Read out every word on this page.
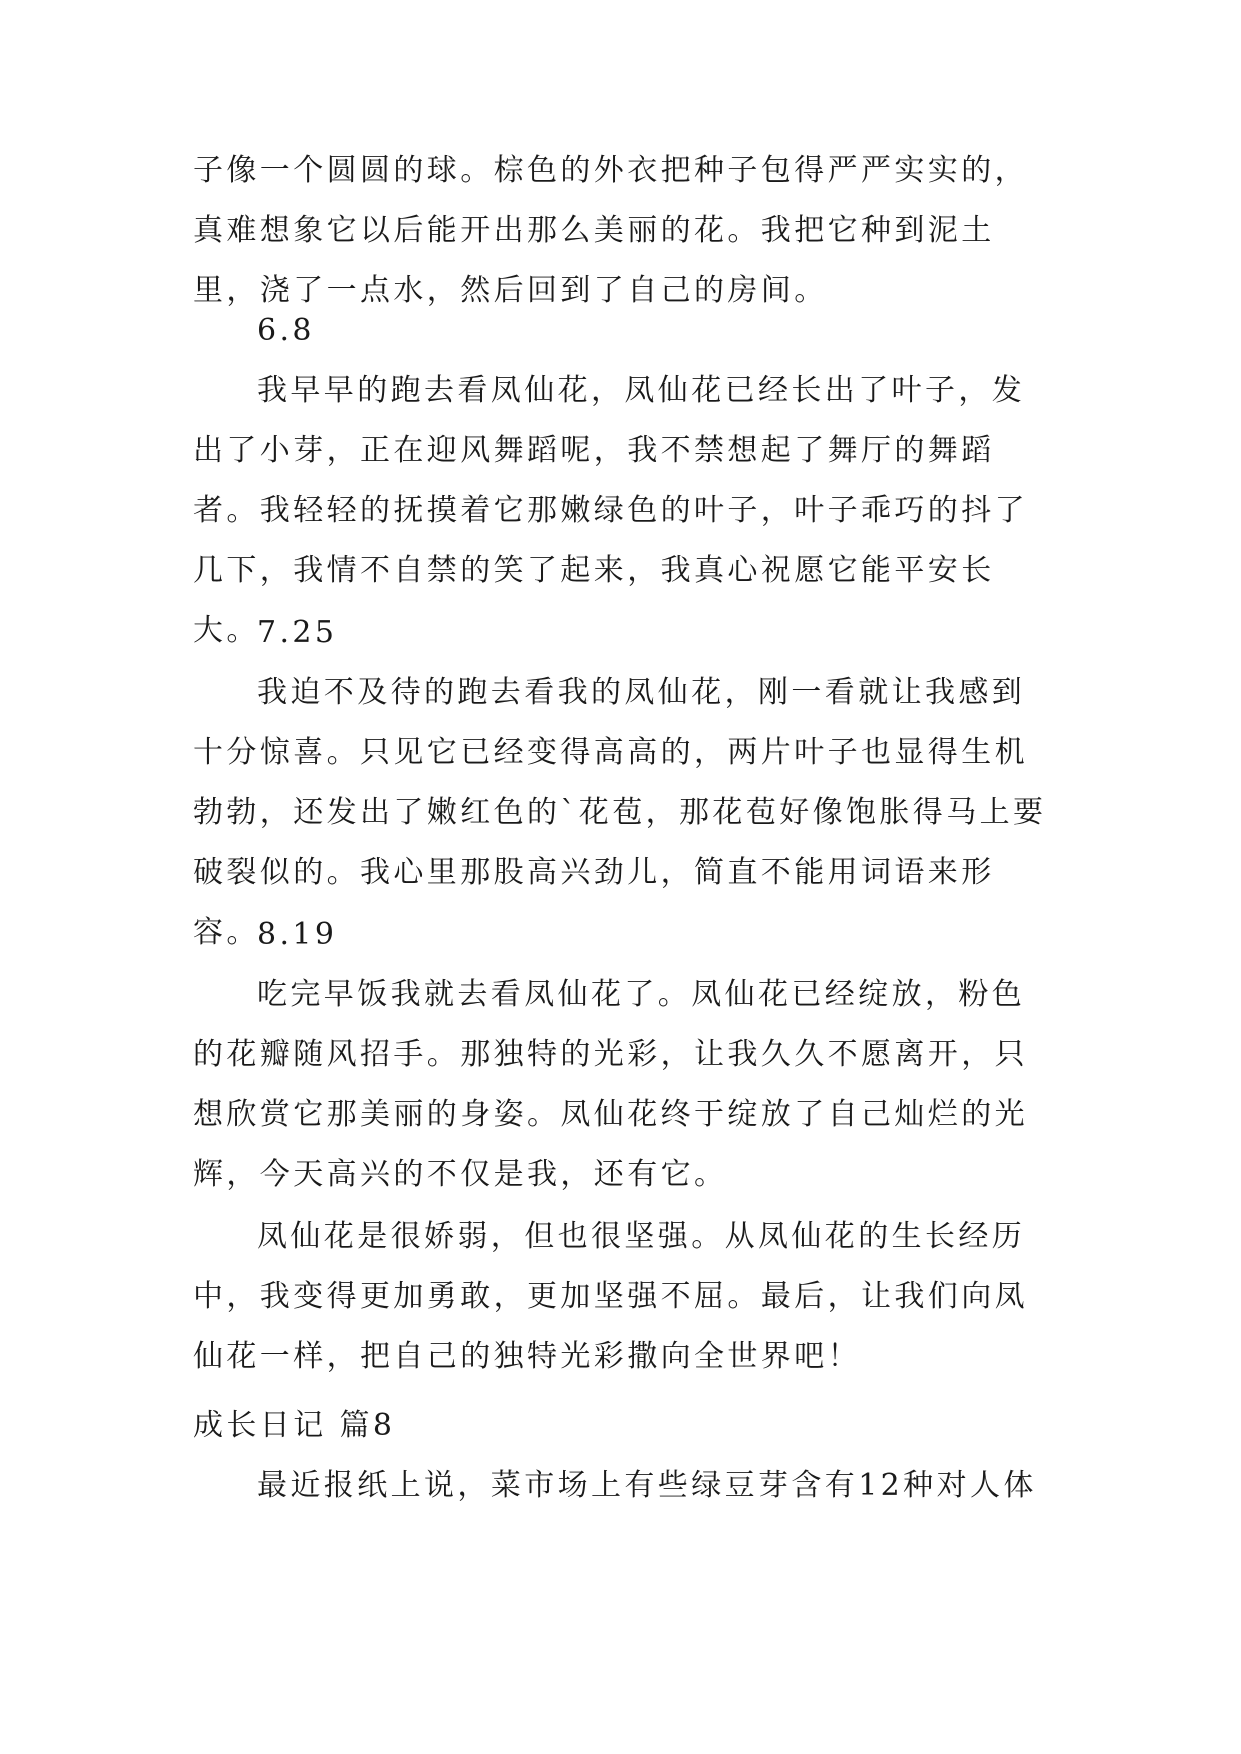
子像一个圆圆的球。棕色的外衣把种子包得严严实实的，真难想象它以后能开出那么美丽的花。我把它种到泥土里，浇了一点水，然后回到了自己的房间。
6.8
我早早的跑去看凤仙花，凤仙花已经长出了叶子，发出了小芽，正在迎风舞蹈呢，我不禁想起了舞厅的舞蹈者。我轻轻的抚摸着它那嫩绿色的叶子，叶子乖巧的抖了几下，我情不自禁的笑了起来，我真心祝愿它能平安长大。
7.25
我迫不及待的跑去看我的凤仙花，刚一看就让我感到十分惊喜。只见它已经变得高高的，两片叶子也显得生机勃勃，还发出了嫩红色的`花苞，那花苞好像饱胀得马上要破裂似的。我心里那股高兴劲儿，简直不能用词语来形容。
8.19
吃完早饭我就去看凤仙花了。凤仙花已经绽放，粉色的花瓣随风招手。那独特的光彩，让我久久不愿离开，只想欣赏它那美丽的身姿。凤仙花终于绽放了自己灿烂的光辉，今天高兴的不仅是我，还有它。
凤仙花是很娇弱，但也很坚强。从凤仙花的生长经历中，我变得更加勇敢，更加坚强不屈。最后，让我们向凤仙花一样，把自己的独特光彩撒向全世界吧！
成长日记 篇8
最近报纸上说，菜市场上有些绿豆芽含有12种对人体
